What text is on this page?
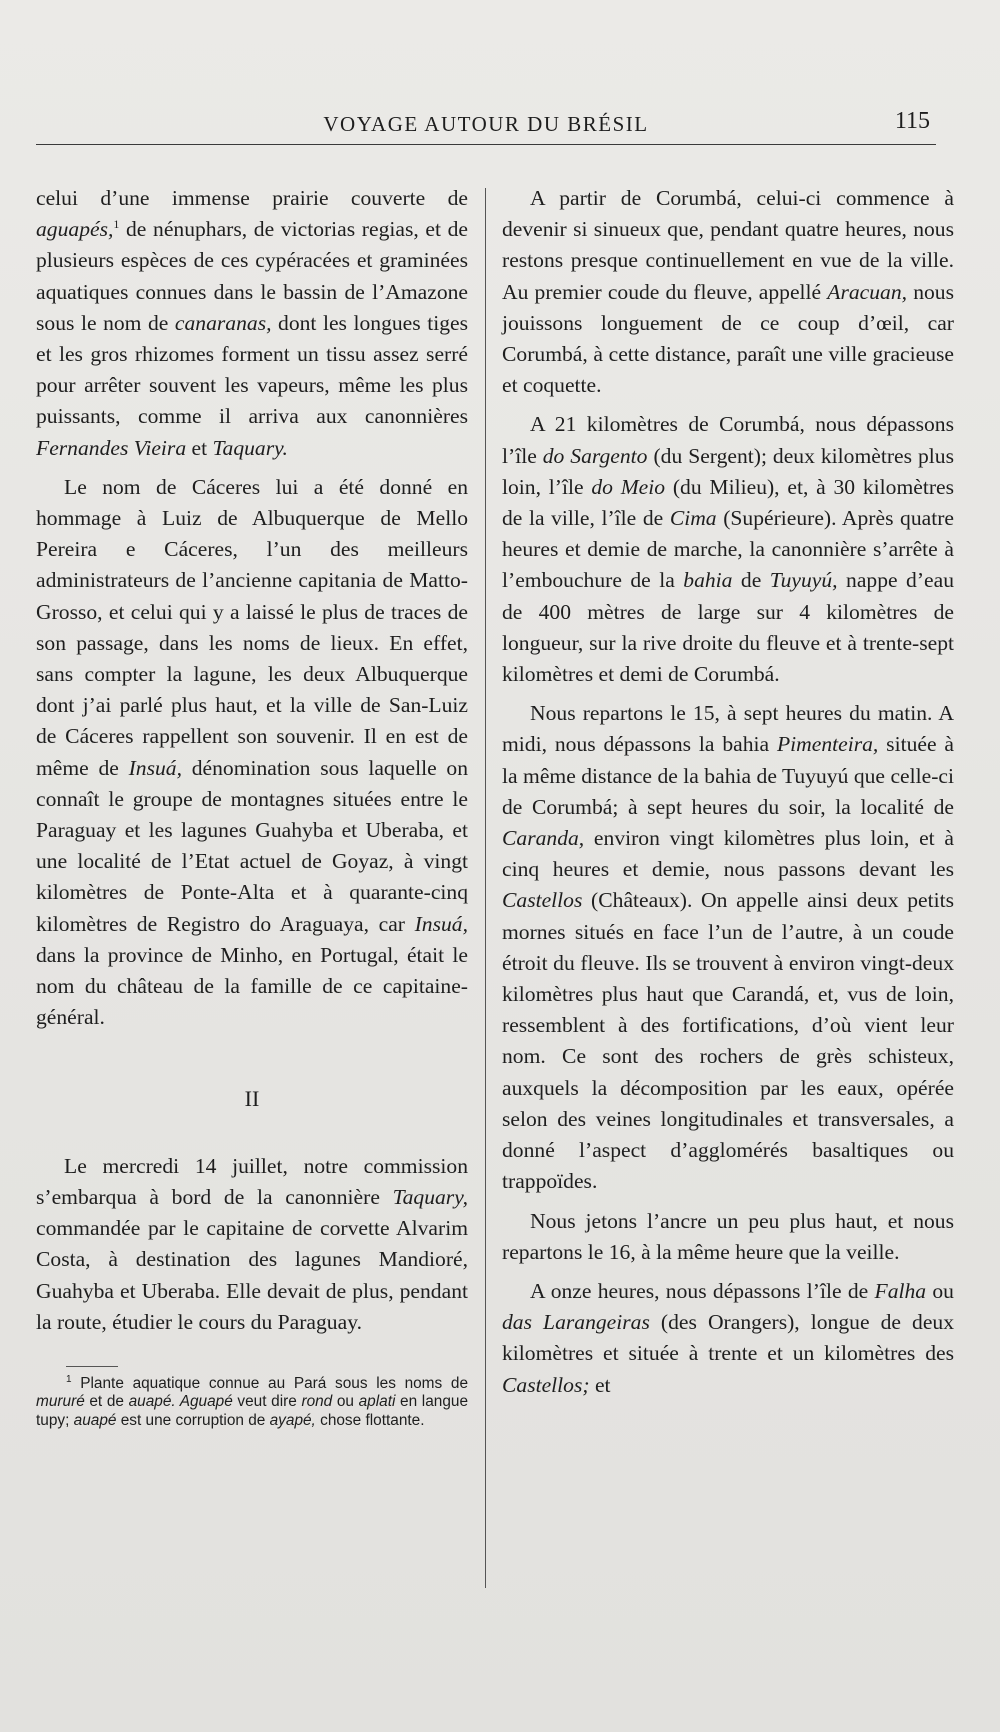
VOYAGE AUTOUR DU BRÉSIL	115

celui d’une immense prairie couverte de aguapés,$^1$ de nénuphars, de victorias regias, et de plusieurs espèces de ces cypéracées et graminées aquatiques connues dans le bassin de l’Amazone sous le nom de canaranas, dont les longues tiges et les gros rhizomes forment un tissu assez serré pour arrêter souvent les vapeurs, même les plus puissants, comme il arriva aux canonnières Fernandes Vieira et Taquary.

Le nom de Cáceres lui a été donné en hommage à Luiz de Albuquerque de Mello Pereira e Cáceres, l’un des meilleurs administrateurs de l’ancienne capitania de Matto-Grosso, et celui qui y a laissé le plus de traces de son passage, dans les noms de lieux. En effet, sans compter la lagune, les deux Albuquerque dont j’ai parlé plus haut, et la ville de San-Luiz de Cáceres rappellent son souvenir. Il en est de même de Insuá, dénomination sous laquelle on connaît le groupe de montagnes situées entre le Paraguay et les lagunes Guahyba et Uberaba, et une localité de l’Etat actuel de Goyaz, à vingt kilomètres de Ponte-Alta et à quarante-cinq kilomètres de Registro do Araguaya, car Insuá, dans la province de Minho, en Portugal, était le nom du château de la famille de ce capitaine-général.

II

Le mercredi 14 juillet, notre commission s’embarqua à bord de la canonnière Taquary, commandée par le capitaine de corvette Alvarim Costa, à destination des lagunes Mandioré, Guahyba et Uberaba. Elle devait de plus, pendant la route, étudier le cours du Paraguay.

$^1$ Plante aquatique connue au Pará sous les noms de mururé et de auapé. Aguapé veut dire rond ou aplati en langue tupy; auapé est une corruption de ayapé, chose flottante.

A partir de Corumbá, celui-ci commence à devenir si sinueux que, pendant quatre heures, nous restons presque continuellement en vue de la ville. Au premier coude du fleuve, appellé Aracuan, nous jouissons longuement de ce coup d’œil, car Corumbá, à cette distance, paraît une ville gracieuse et coquette.

A 21 kilomètres de Corumbá, nous dépassons l’île do Sargento (du Sergent); deux kilomètres plus loin, l’île do Meio (du Milieu), et, à 30 kilomètres de la ville, l’île de Cima (Supérieure). Après quatre heures et demie de marche, la canonnière s’arrête à l’embouchure de la bahia de Tuyuyú, nappe d’eau de 400 mètres de large sur 4 kilomètres de longueur, sur la rive droite du fleuve et à trente-sept kilomètres et demi de Corumbá.

Nous repartons le 15, à sept heures du matin. A midi, nous dépassons la bahia Pimenteira, située à la même distance de la bahia de Tuyuyú que celle-ci de Corumbá; à sept heures du soir, la localité de Caranda, environ vingt kilomètres plus loin, et à cinq heures et demie, nous passons devant les Castellos (Châteaux). On appelle ainsi deux petits mornes situés en face l’un de l’autre, à un coude étroit du fleuve. Ils se trouvent à environ vingt-deux kilomètres plus haut que Carandá, et, vus de loin, ressemblent à des fortifications, d’où vient leur nom. Ce sont des rochers de grès schisteux, auxquels la décomposition par les eaux, opérée selon des veines longitudinales et transversales, a donné l’aspect d’agglomérés basaltiques ou trappoïdes.

Nous jetons l’ancre un peu plus haut, et nous repartons le 16, à la même heure que la veille.

A onze heures, nous dépassons l’île de Falha ou das Larangeiras (des Orangers), longue de deux kilomètres et située à trente et un kilomètres des Castellos; et
